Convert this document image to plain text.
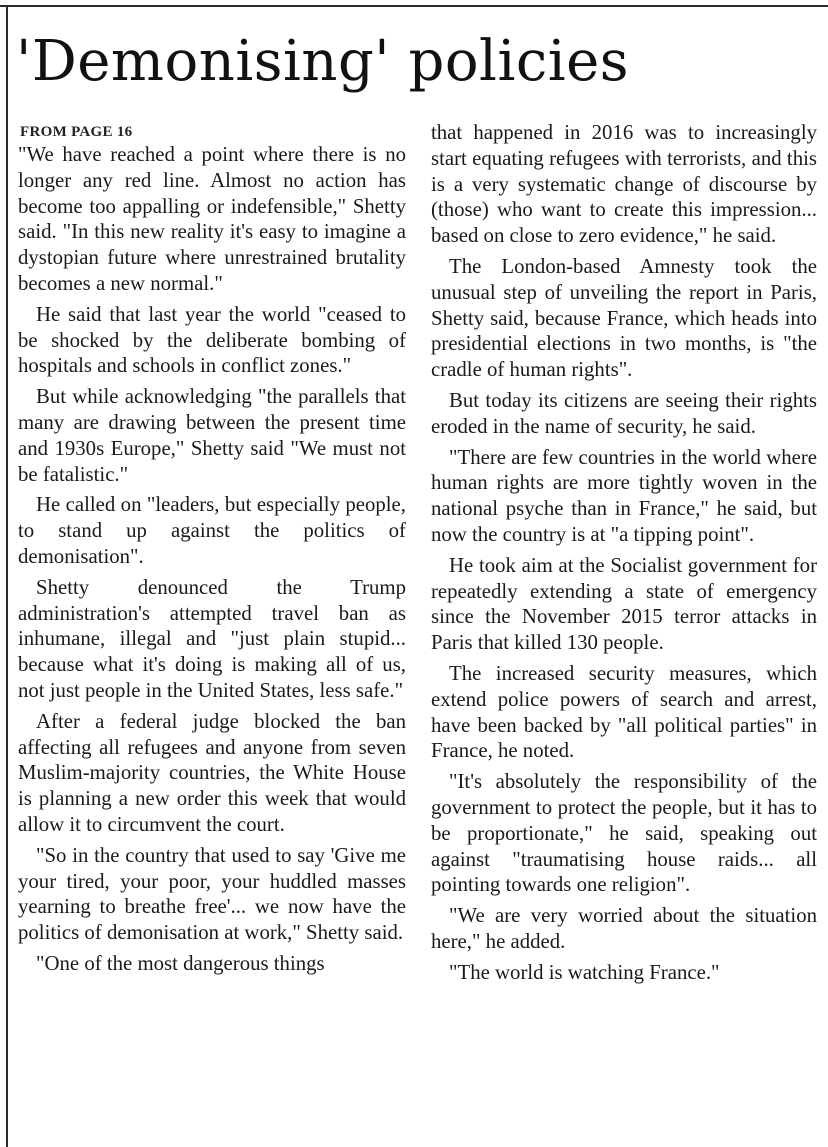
'Demonising' policies
FROM PAGE 16

"We have reached a point where there is no longer any red line. Almost no action has become too appalling or indefensible," Shetty said. "In this new reality it's easy to imagine a dystopian future where unrestrained brutality becomes a new normal."

He said that last year the world "ceased to be shocked by the deliberate bombing of hospitals and schools in conflict zones."

But while acknowledging "the parallels that many are drawing between the present time and 1930s Europe," Shetty said "We must not be fatalistic."

He called on "leaders, but especially people, to stand up against the politics of demonisation".

Shetty denounced the Trump administration's attempted travel ban as inhumane, illegal and "just plain stupid... because what it's doing is making all of us, not just people in the United States, less safe."

After a federal judge blocked the ban affecting all refugees and anyone from seven Muslim-majority countries, the White House is planning a new order this week that would allow it to circumvent the court.

"So in the country that used to say 'Give me your tired, your poor, your huddled masses yearning to breathe free'... we now have the politics of demonisation at work," Shetty said.

"One of the most dangerous things

that happened in 2016 was to increasingly start equating refugees with terrorists, and this is a very systematic change of discourse by (those) who want to create this impression... based on close to zero evidence," he said.

The London-based Amnesty took the unusual step of unveiling the report in Paris, Shetty said, because France, which heads into presidential elections in two months, is "the cradle of human rights".

But today its citizens are seeing their rights eroded in the name of security, he said.

"There are few countries in the world where human rights are more tightly woven in the national psyche than in France," he said, but now the country is at "a tipping point".

He took aim at the Socialist government for repeatedly extending a state of emergency since the November 2015 terror attacks in Paris that killed 130 people.

The increased security measures, which extend police powers of search and arrest, have been backed by "all political parties" in France, he noted.

"It's absolutely the responsibility of the government to protect the people, but it has to be proportionate," he said, speaking out against "traumatising house raids... all pointing towards one religion".

"We are very worried about the situation here," he added.

"The world is watching France."
